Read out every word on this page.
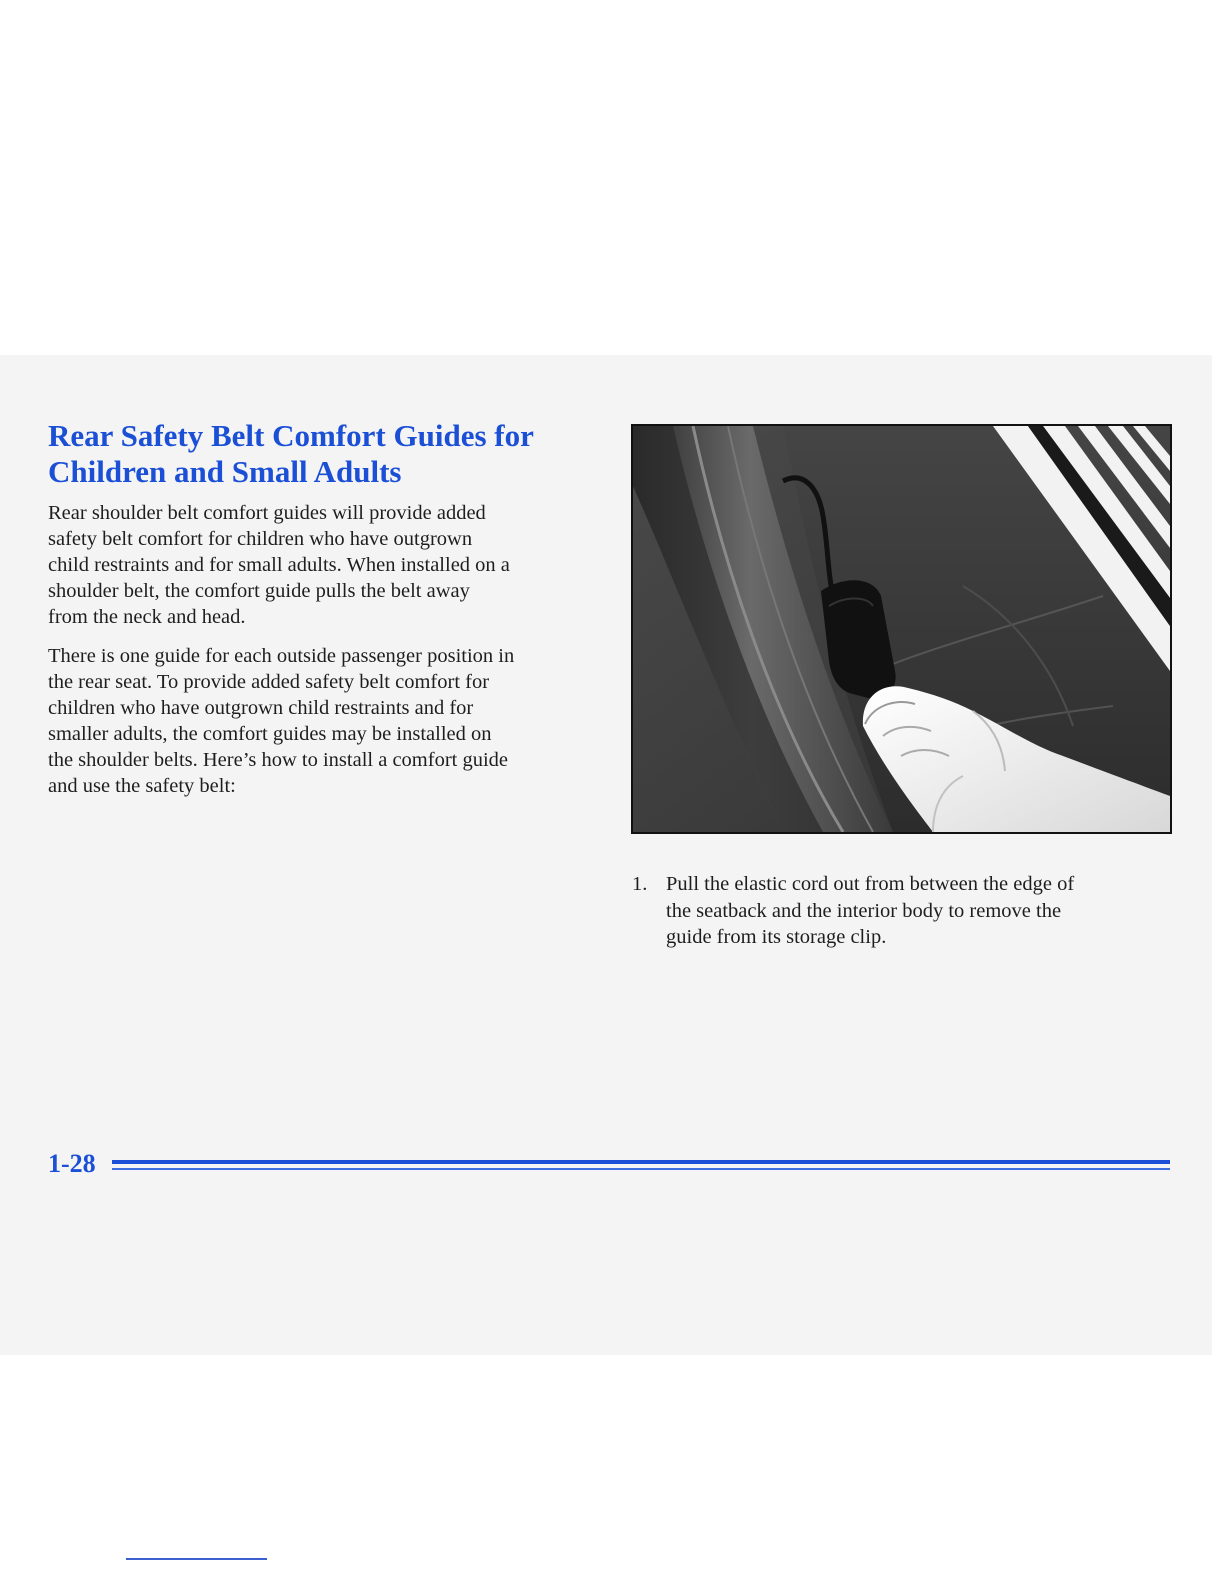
Rear Safety Belt Comfort Guides for
Children and Small Adults

Rear shoulder belt comfort guides will provide added
safety belt comfort for children who have outgrown
child restraints and for small adults. When installed on a
shoulder belt, the comfort guide pulls the belt away
from the neck and head.

There is one guide for each outside passenger position in
the rear seat. To provide added safety belt comfort for
children who have outgrown child restraints and for
smaller adults, the comfort guides may be installed on
the shoulder belts. Here’s how to install a comfort guide
and use the safety belt:

1. Pull the elastic cord out from between the edge of
the seatback and the interior body to remove the
guide from its storage clip.
1-28
